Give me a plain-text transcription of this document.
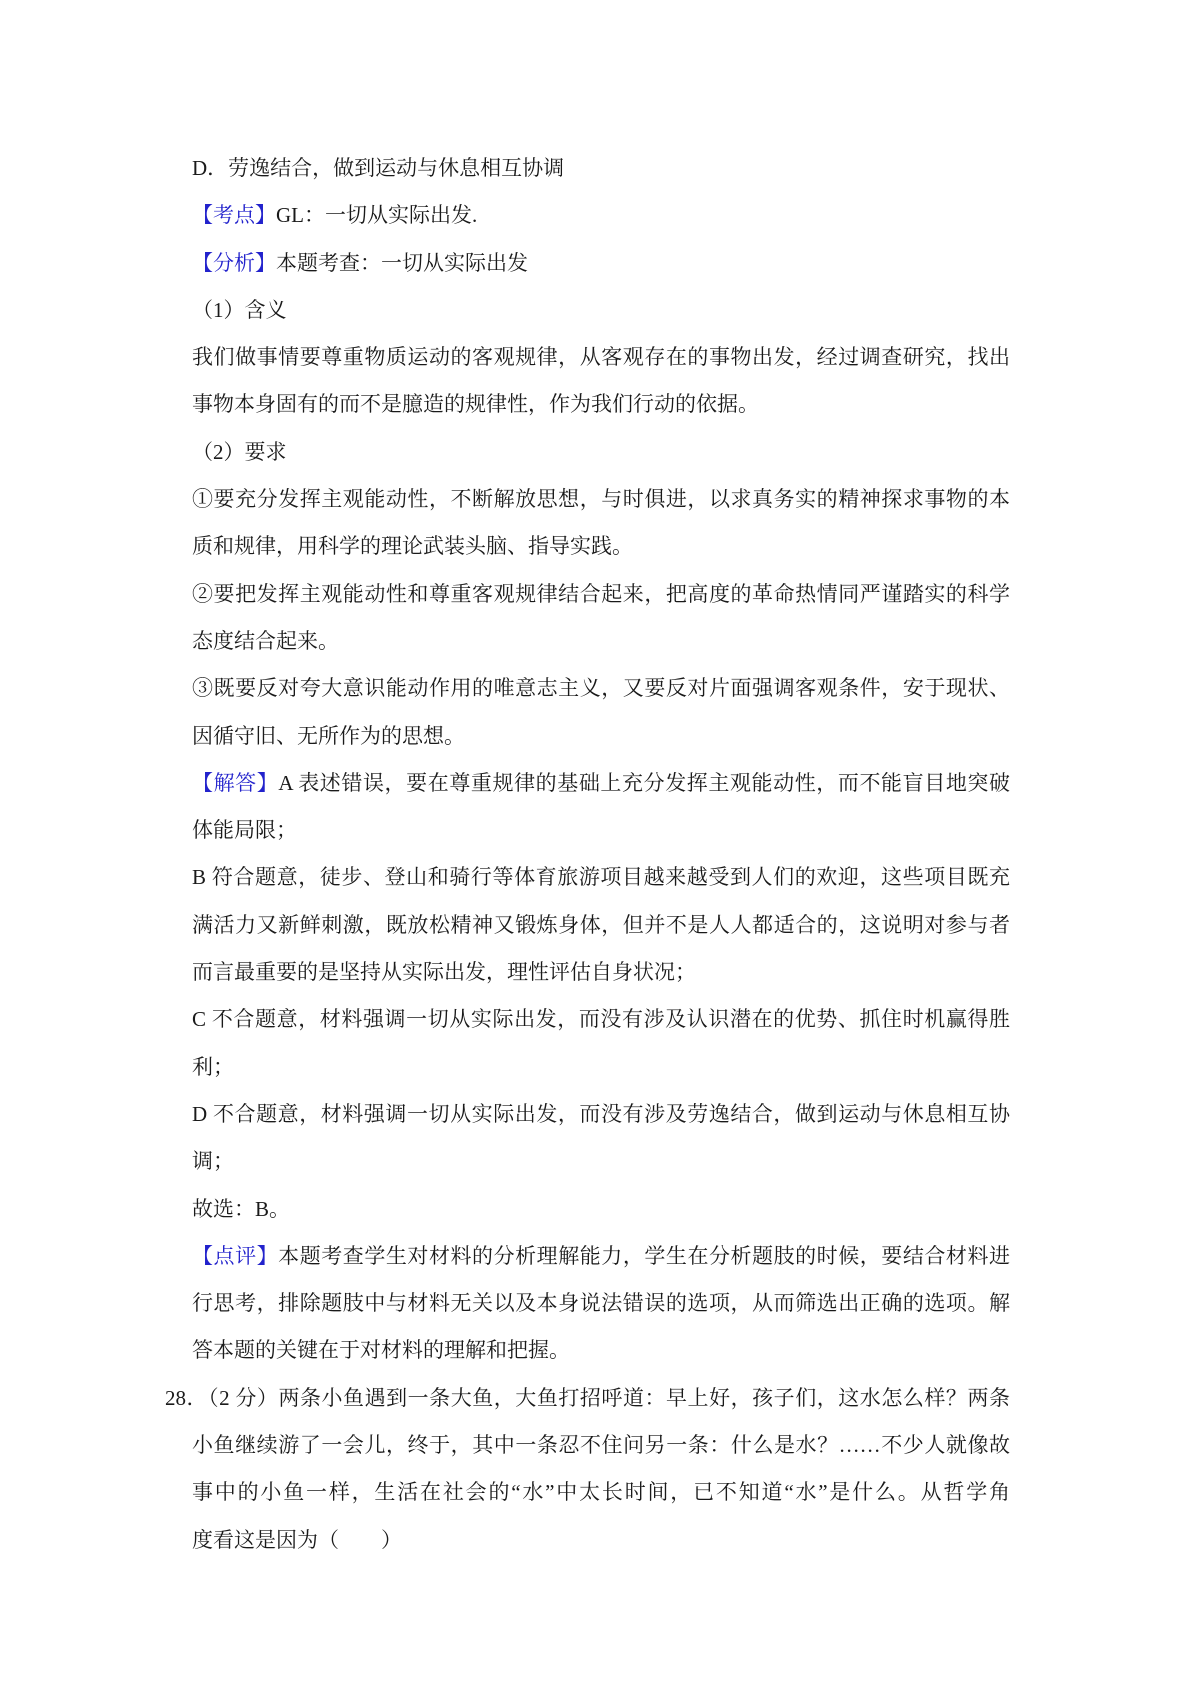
D．劳逸结合，做到运动与休息相互协调
【考点】GL：一切从实际出发.
【分析】本题考查：一切从实际出发
（1）含义
我们做事情要尊重物质运动的客观规律，从客观存在的事物出发，经过调查研究，找出
事物本身固有的而不是臆造的规律性，作为我们行动的依据。
（2）要求
①要充分发挥主观能动性，不断解放思想，与时俱进，以求真务实的精神探求事物的本
质和规律，用科学的理论武装头脑、指导实践。
②要把发挥主观能动性和尊重客观规律结合起来，把高度的革命热情同严谨踏实的科学
态度结合起来。
③既要反对夸大意识能动作用的唯意志主义，又要反对片面强调客观条件，安于现状、
因循守旧、无所作为的思想。
【解答】A 表述错误，要在尊重规律的基础上充分发挥主观能动性，而不能盲目地突破
体能局限；
B 符合题意，徒步、登山和骑行等体育旅游项目越来越受到人们的欢迎，这些项目既充
满活力又新鲜刺激，既放松精神又锻炼身体，但并不是人人都适合的，这说明对参与者
而言最重要的是坚持从实际出发，理性评估自身状况；
C 不合题意，材料强调一切从实际出发，而没有涉及认识潜在的优势、抓住时机赢得胜
利；
D 不合题意，材料强调一切从实际出发，而没有涉及劳逸结合，做到运动与休息相互协
调；
故选：B。
【点评】本题考查学生对材料的分析理解能力，学生在分析题肢的时候，要结合材料进
行思考，排除题肢中与材料无关以及本身说法错误的选项，从而筛选出正确的选项。解
答本题的关键在于对材料的理解和把握。
28．（2 分）两条小鱼遇到一条大鱼，大鱼打招呼道：早上好，孩子们，这水怎么样？两条
小鱼继续游了一会儿，终于，其中一条忍不住问另一条：什么是水？……不少人就像故
事中的小鱼一样，生活在社会的“水”中太长时间，已不知道“水”是什么。从哲学角
度看这是因为（　　）
